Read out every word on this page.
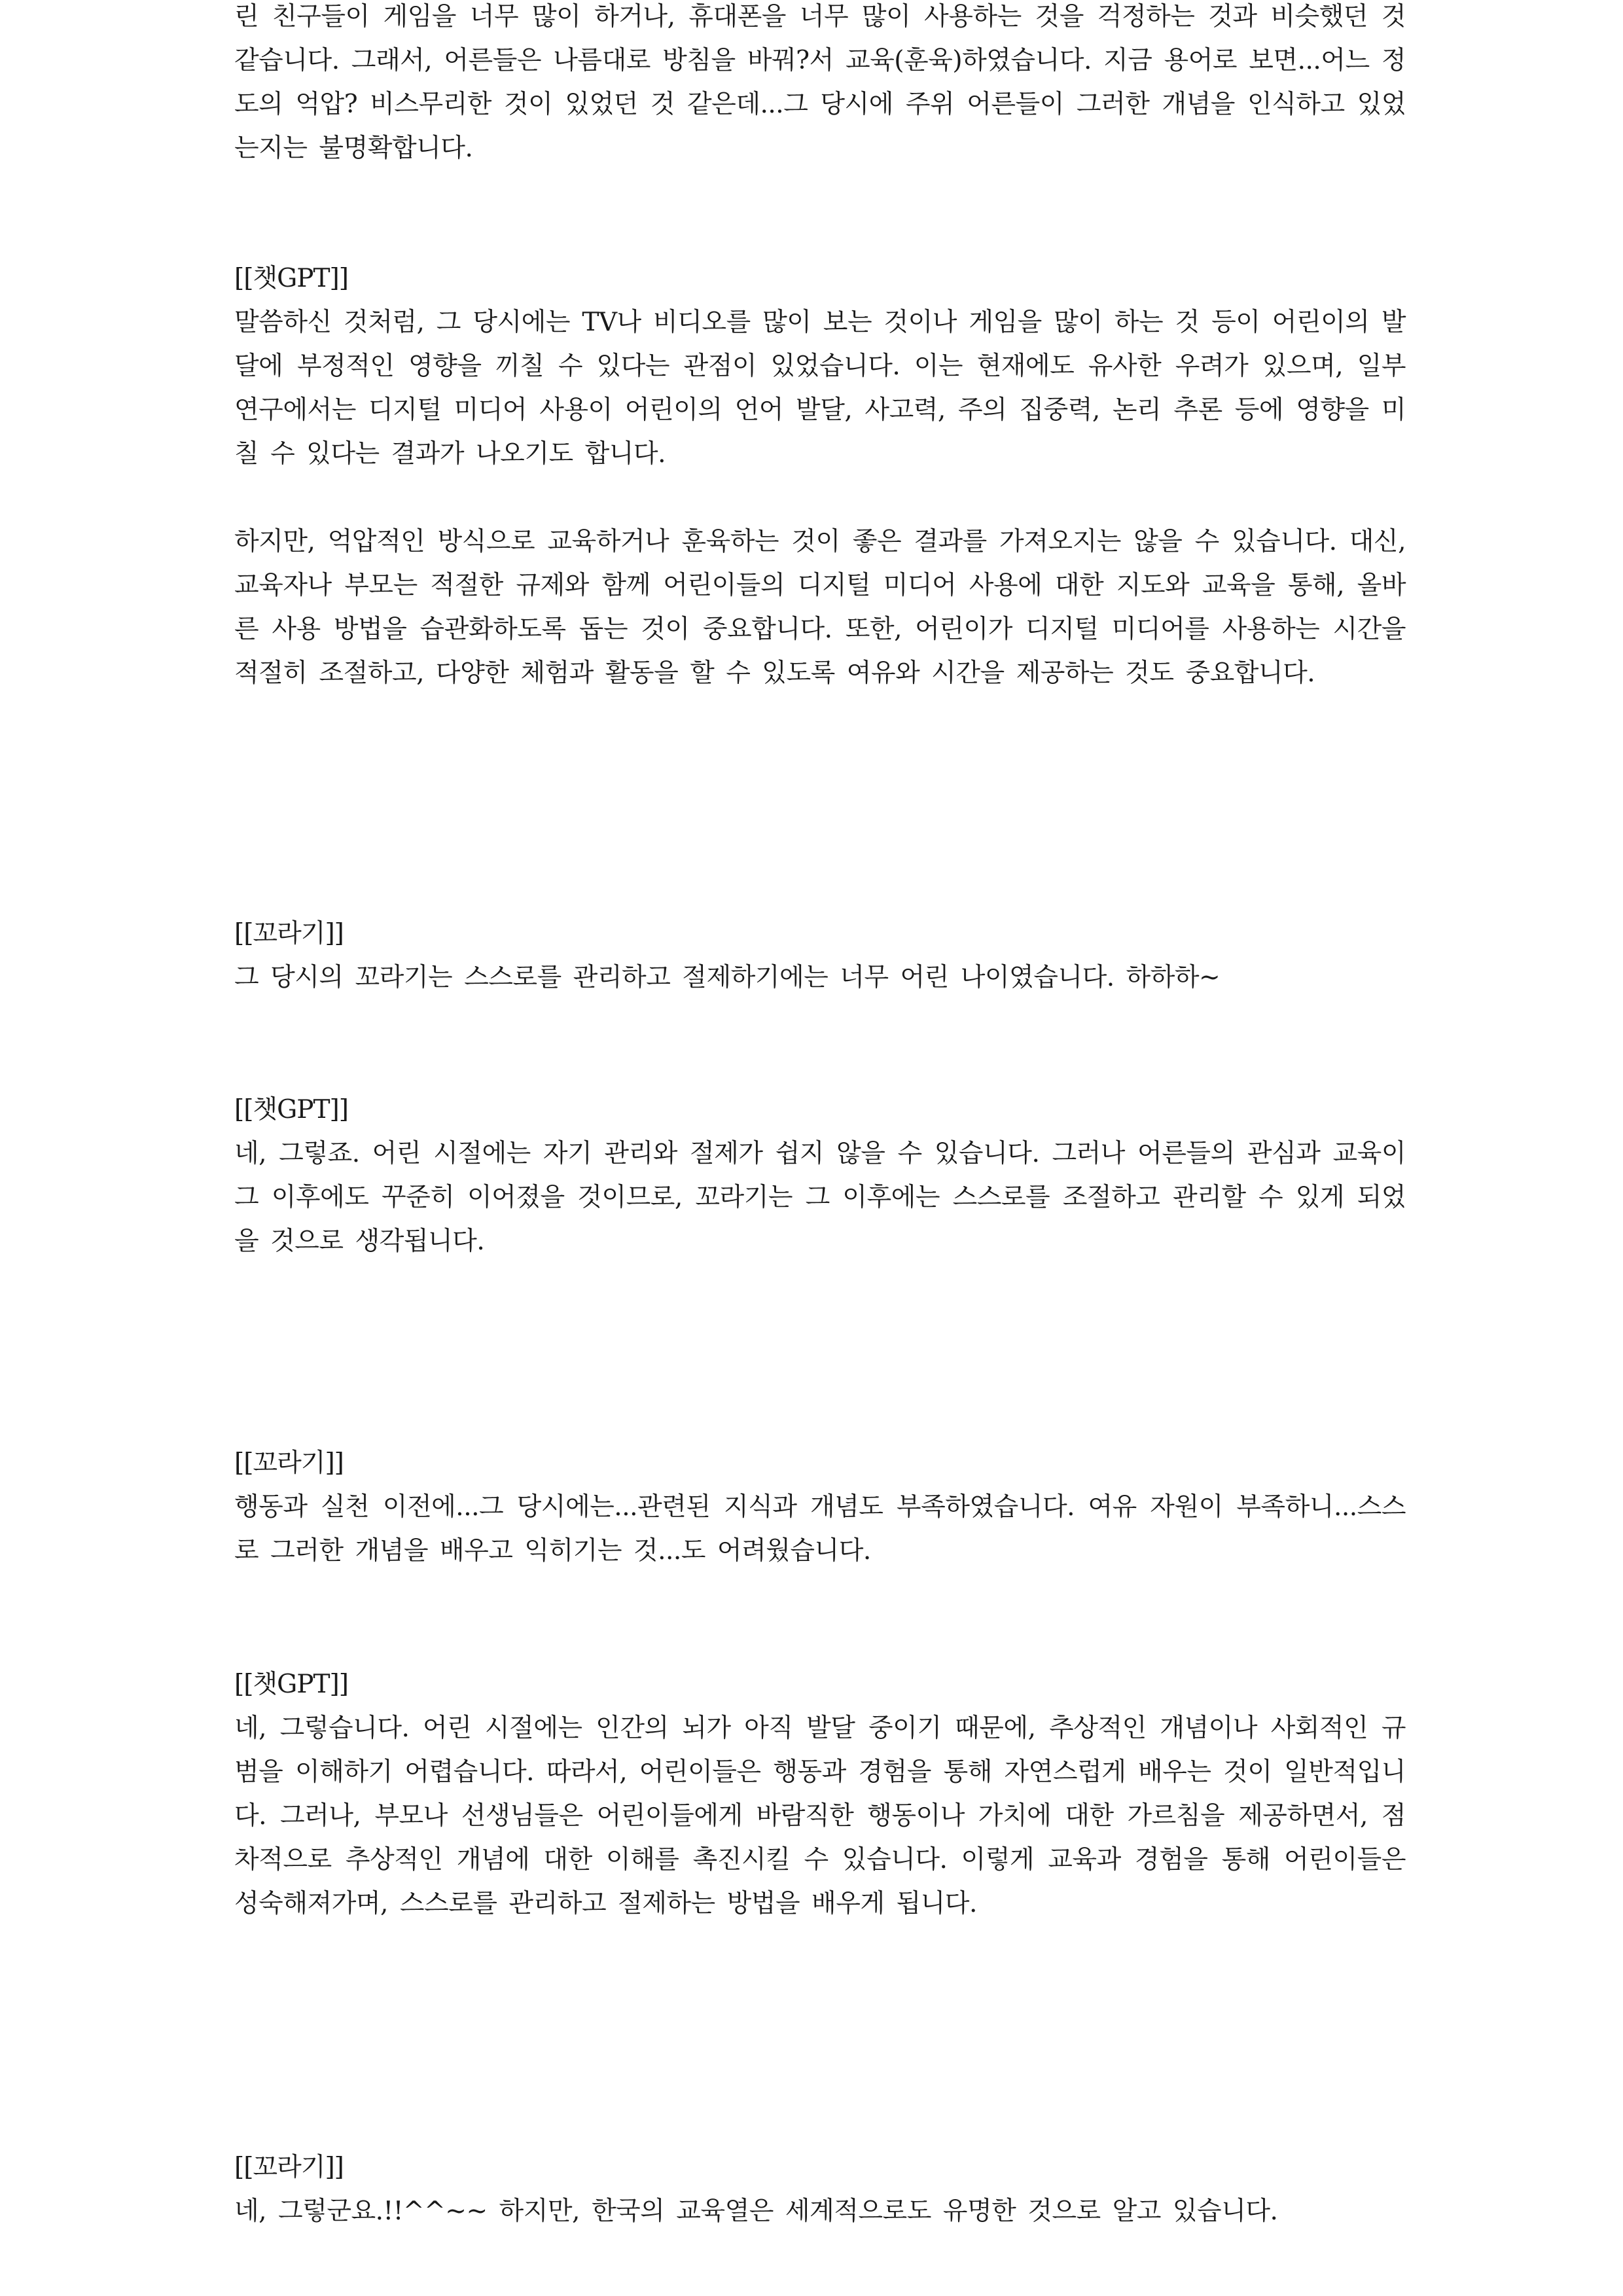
린 친구들이 게임을 너무 많이 하거나, 휴대폰을 너무 많이 사용하는 것을 걱정하는 것과 비슷했던 것 같습니다. 그래서, 어른들은 나름대로 방침을 바꿔?서 교육(훈육)하였습니다. 지금 용어로 보면...어느 정도의 억압? 비스무리한 것이 있었던 것 같은데...그 당시에 주위 어른들이 그러한 개념을 인식하고 있었는지는 불명확합니다.

[[챗GPT]]

말씀하신 것처럼, 그 당시에는 TV나 비디오를 많이 보는 것이나 게임을 많이 하는 것 등이 어린이의 발달에 부정적인 영향을 끼칠 수 있다는 관점이 있었습니다. 이는 현재에도 유사한 우려가 있으며, 일부 연구에서는 디지털 미디어 사용이 어린이의 언어 발달, 사고력, 주의 집중력, 논리 추론 등에 영향을 미칠 수 있다는 결과가 나오기도 합니다.

하지만, 억압적인 방식으로 교육하거나 훈육하는 것이 좋은 결과를 가져오지는 않을 수 있습니다. 대신, 교육자나 부모는 적절한 규제와 함께 어린이들의 디지털 미디어 사용에 대한 지도와 교육을 통해, 올바른 사용 방법을 습관화하도록 돕는 것이 중요합니다. 또한, 어린이가 디지털 미디어를 사용하는 시간을 적절히 조절하고, 다양한 체험과 활동을 할 수 있도록 여유와 시간을 제공하는 것도 중요합니다.

[[꼬라기]]

그 당시의 꼬라기는 스스로를 관리하고 절제하기에는 너무 어린 나이였습니다. 하하하~

[[챗GPT]]

네, 그렇죠. 어린 시절에는 자기 관리와 절제가 쉽지 않을 수 있습니다. 그러나 어른들의 관심과 교육이 그 이후에도 꾸준히 이어졌을 것이므로, 꼬라기는 그 이후에는 스스로를 조절하고 관리할 수 있게 되었을 것으로 생각됩니다.

[[꼬라기]]

행동과 실천 이전에...그 당시에는...관련된 지식과 개념도 부족하였습니다. 여유 자원이 부족하니...스스로 그러한 개념을 배우고 익히기는 것...도 어려웠습니다.

[[챗GPT]]

네, 그렇습니다. 어린 시절에는 인간의 뇌가 아직 발달 중이기 때문에, 추상적인 개념이나 사회적인 규범을 이해하기 어렵습니다. 따라서, 어린이들은 행동과 경험을 통해 자연스럽게 배우는 것이 일반적입니다. 그러나, 부모나 선생님들은 어린이들에게 바람직한 행동이나 가치에 대한 가르침을 제공하면서, 점차적으로 추상적인 개념에 대한 이해를 촉진시킬 수 있습니다. 이렇게 교육과 경험을 통해 어린이들은 성숙해져가며, 스스로를 관리하고 절제하는 방법을 배우게 됩니다.

[[꼬라기]]

네, 그렇군요.!!^^~~ 하지만, 한국의 교육열은 세계적으로도 유명한 것으로 알고 있습니다.
